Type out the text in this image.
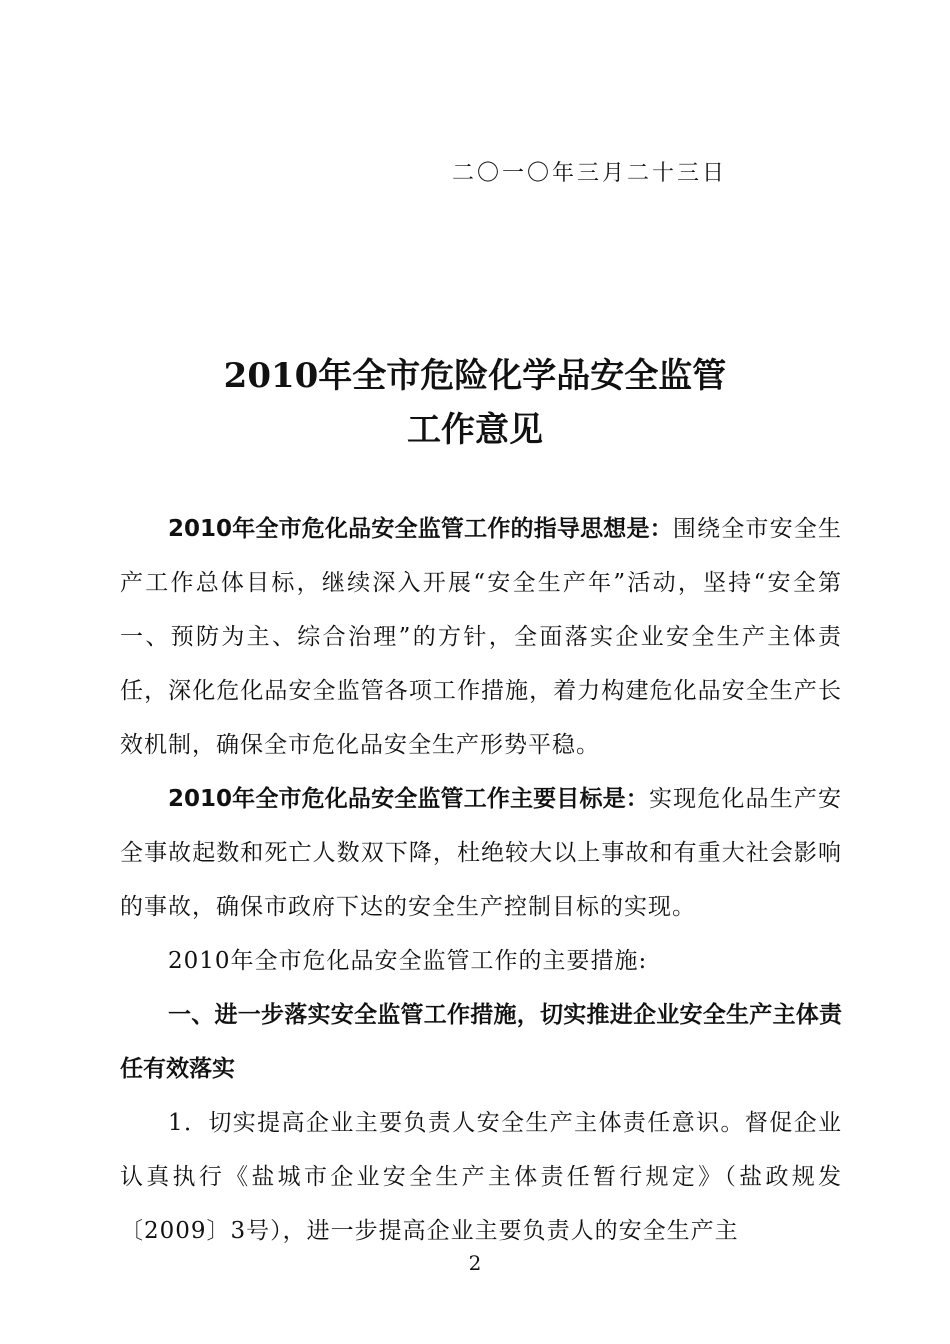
二〇一〇年三月二十三日
2010年全市危险化学品安全监管
工作意见

2010年全市危化品安全监管工作的指导思想是：围绕全市安全生产工作总体目标，继续深入开展“安全生产年”活动，坚持“安全第一、预防为主、综合治理”的方针，全面落实企业安全生产主体责任，深化危化品安全监管各项工作措施，着力构建危化品安全生产长效机制，确保全市危化品安全生产形势平稳。

2010年全市危化品安全监管工作主要目标是：实现危化品生产安全事故起数和死亡人数双下降，杜绝较大以上事故和有重大社会影响的事故，确保市政府下达的安全生产控制目标的实现。

2010年全市危化品安全监管工作的主要措施:

一、进一步落实安全监管工作措施，切实推进企业安全生产主体责任有效落实

1．切实提高企业主要负责人安全生产主体责任意识。督促企业认真执行《盐城市企业安全生产主体责任暂行规定》（盐政规发〔2009〕3号），进一步提高企业主要负责人的安全生产主

2
